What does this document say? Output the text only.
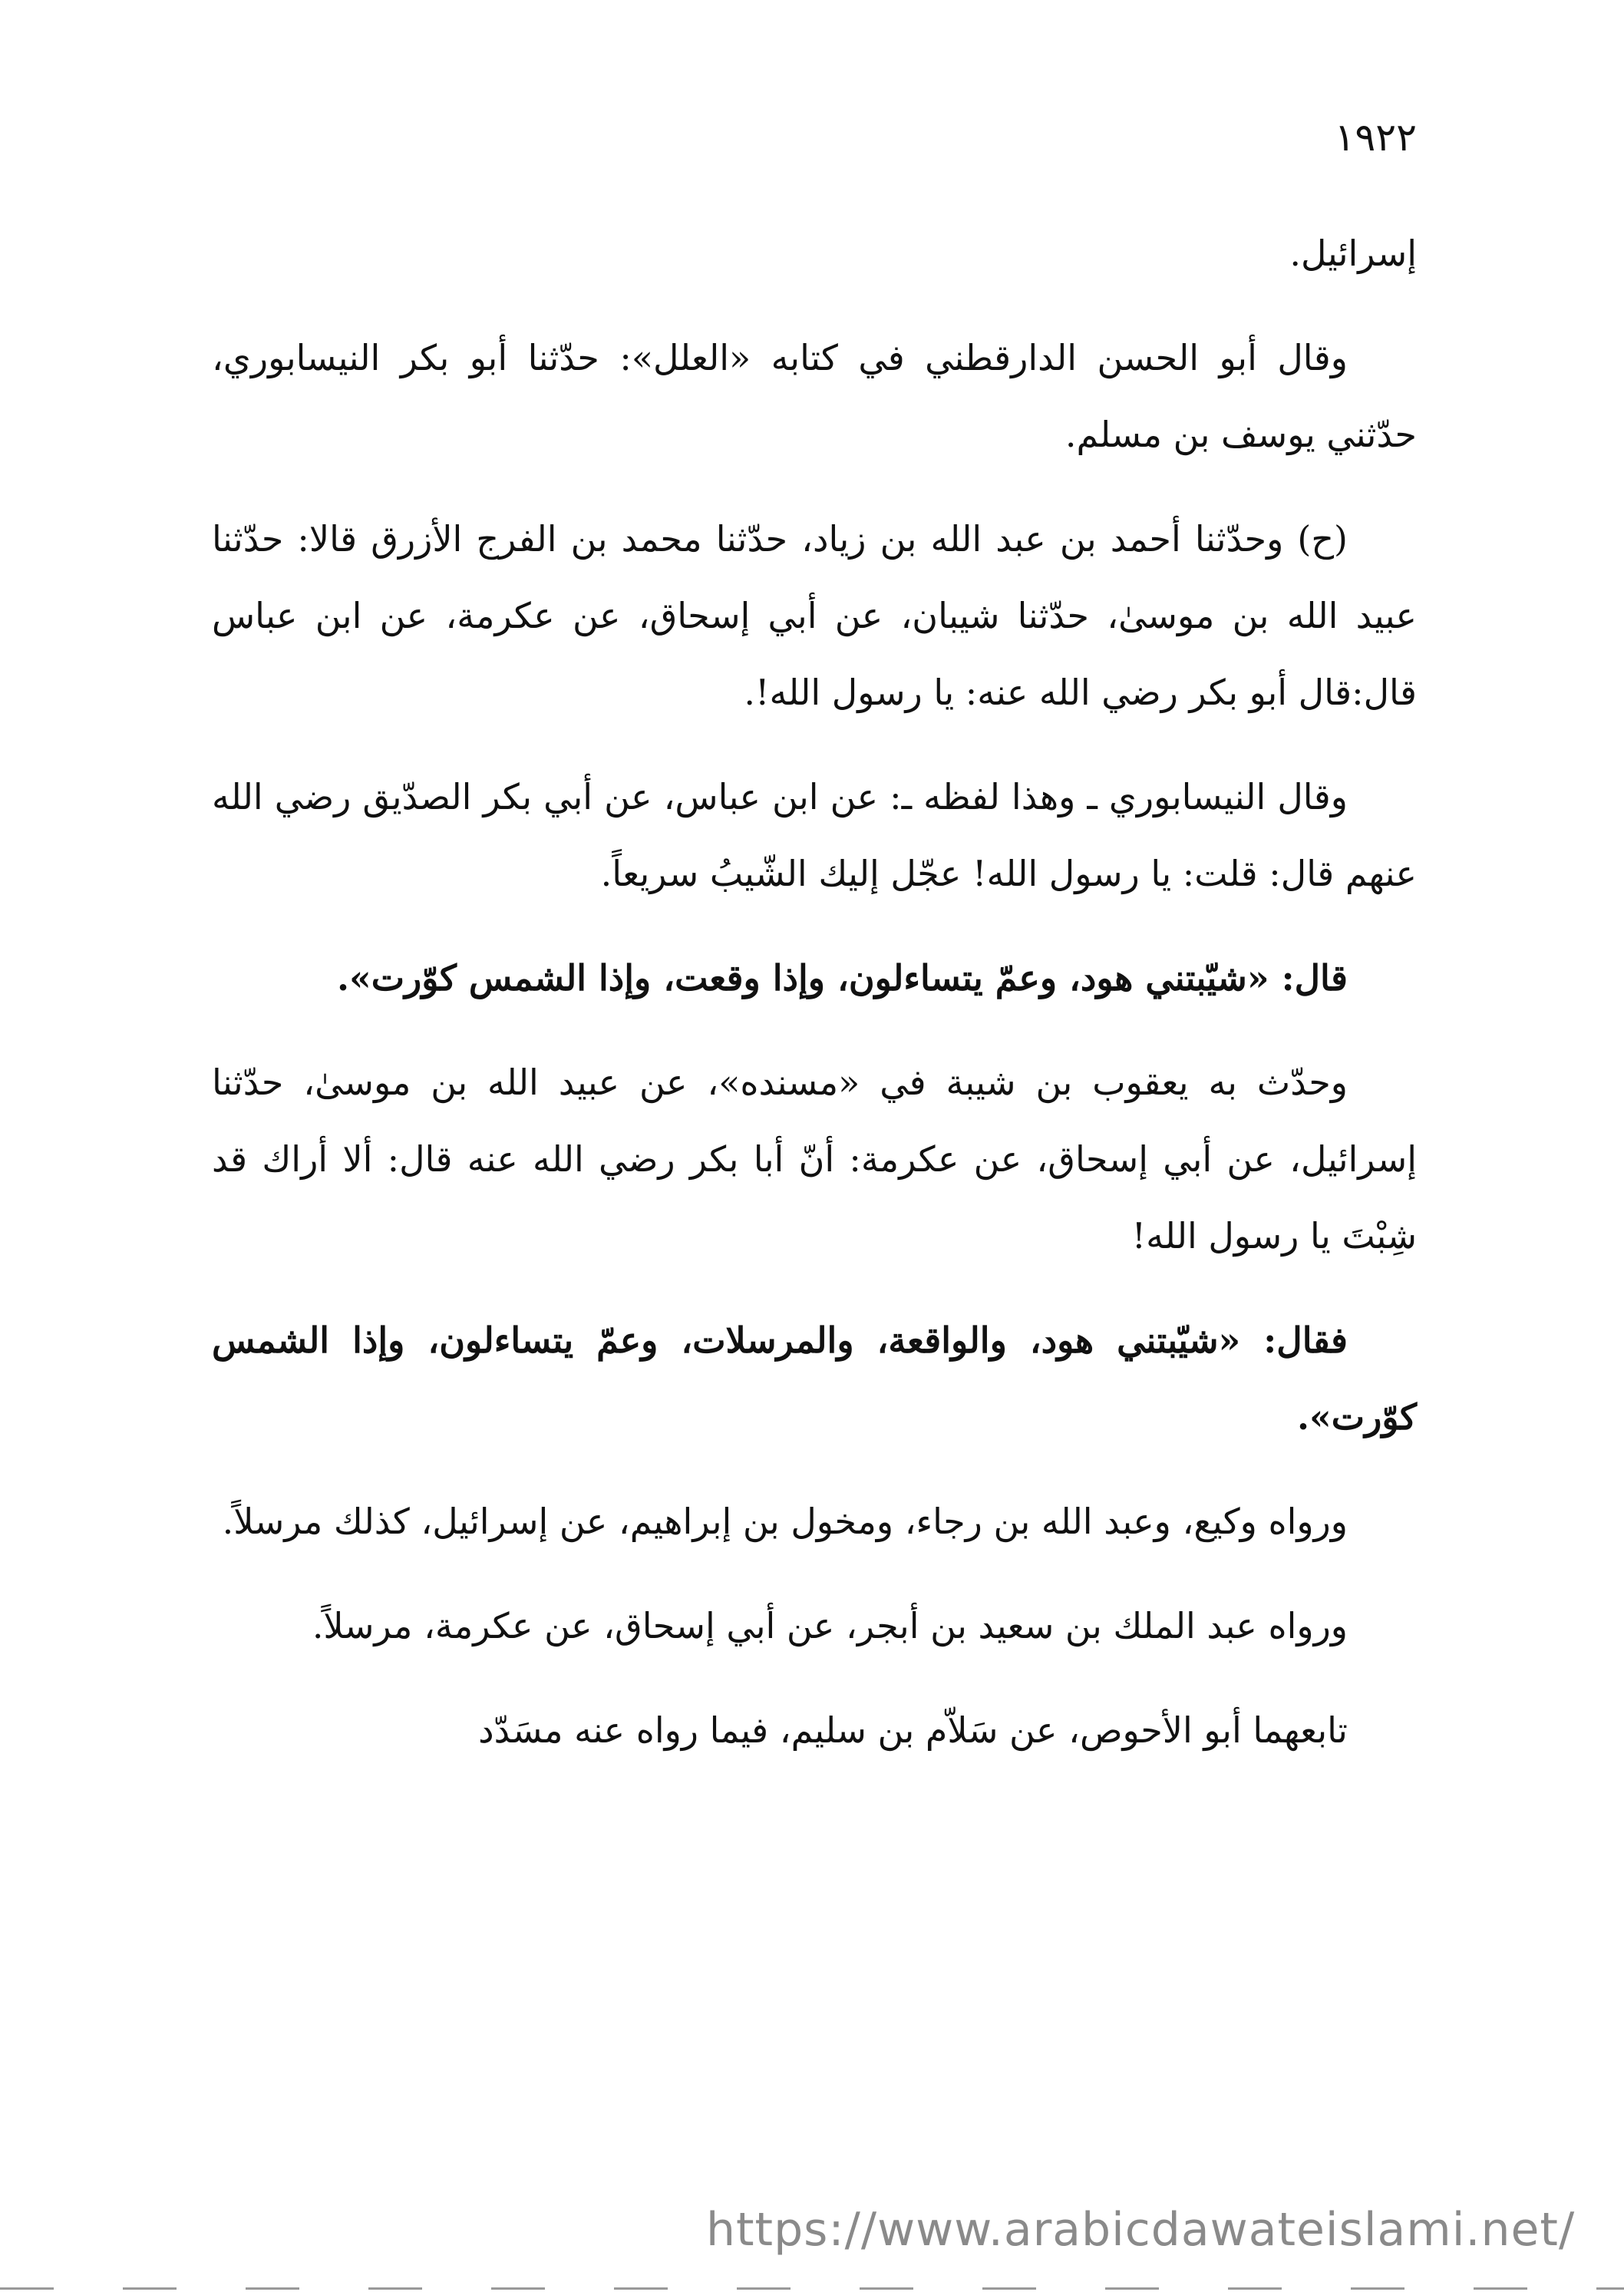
١٩٢٢

إسرائيل.

وقال أبو الحسن الدارقطني في كتابه «العلل»: حدّثنا أبو بكر النيسابوري، حدّثني يوسف بن مسلم.

(ح) وحدّثنا أحمد بن عبد الله بن زياد، حدّثنا محمد بن الفرج الأزرق قالا: حدّثنا عبيد الله بن موسىٰ، حدّثنا شيبان، عن أبي إسحاق، عن عكرمة، عن ابن عباس قال:قال أبو بكر رضي الله عنه: يا رسول الله!.

وقال النيسابوري ـ وهذا لفظه ـ: عن ابن عباس، عن أبي بكر الصدّيق رضي الله عنهم قال: قلت: يا رسول الله! عجّل إليك الشّيبُ سريعاً.

قال: «شيّبتني هود، وعمّ يتساءلون، وإذا وقعت، وإذا الشمس كوّرت».

وحدّث به يعقوب بن شيبة في «مسنده»، عن عبيد الله بن موسىٰ، حدّثنا إسرائيل، عن أبي إسحاق، عن عكرمة: أنّ أبا بكر رضي الله عنه قال: ألا أراك قد شِبْتَ يا رسول الله!

فقال: «شيّبتني هود، والواقعة، والمرسلات، وعمّ يتساءلون، وإذا الشمس كوّرت».

ورواه وكيع، وعبد الله بن رجاء، ومخول بن إبراهيم، عن إسرائيل، كذلك مرسلاً.

ورواه عبد الملك بن سعيد بن أبجر، عن أبي إسحاق، عن عكرمة، مرسلاً.

تابعهما أبو الأحوص، عن سَلاّم بن سليم، فيما رواه عنه مسَدّد

https://www.arabicdawateislami.net/
